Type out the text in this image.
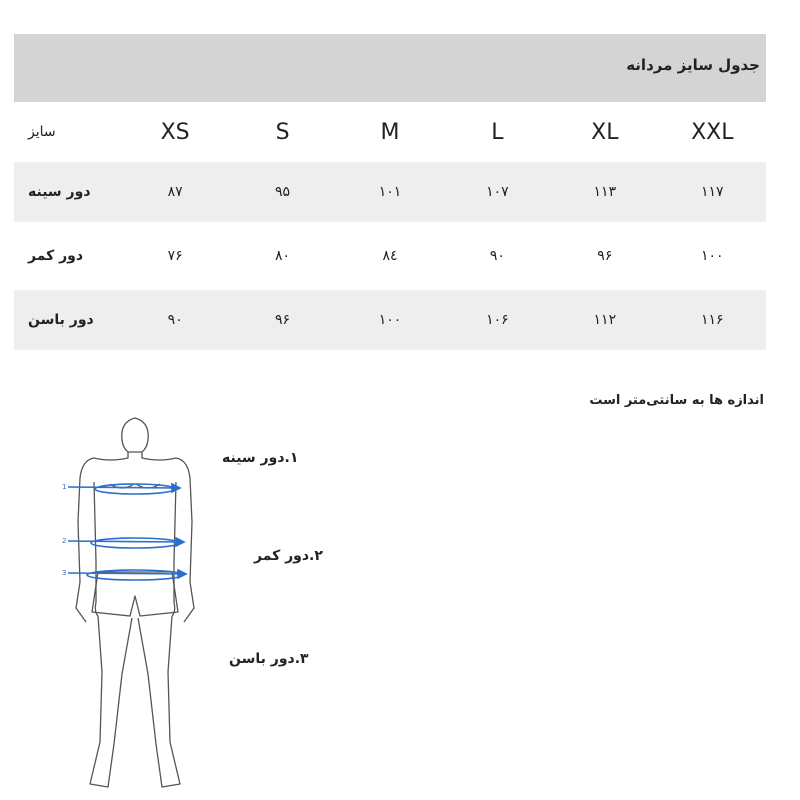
جدول سایز مردانه
سایز	XS	S	M	L	XL	XXL
دور سینه	۸۷	۹۵	۱۰۱	۱۰۷	۱۱۳	۱۱۷

دور کمر	۷۶	۸۰	۸٤	۹۰	۹۶	۱۰۰

دور باسن	۹۰	۹۶	۱۰۰	۱۰۶	۱۱۲	۱۱۶
اندازه ها به سانتی‌متر است
۱.دور سینه
۲.دور کمر
۳.دور باسن
1
2
3
